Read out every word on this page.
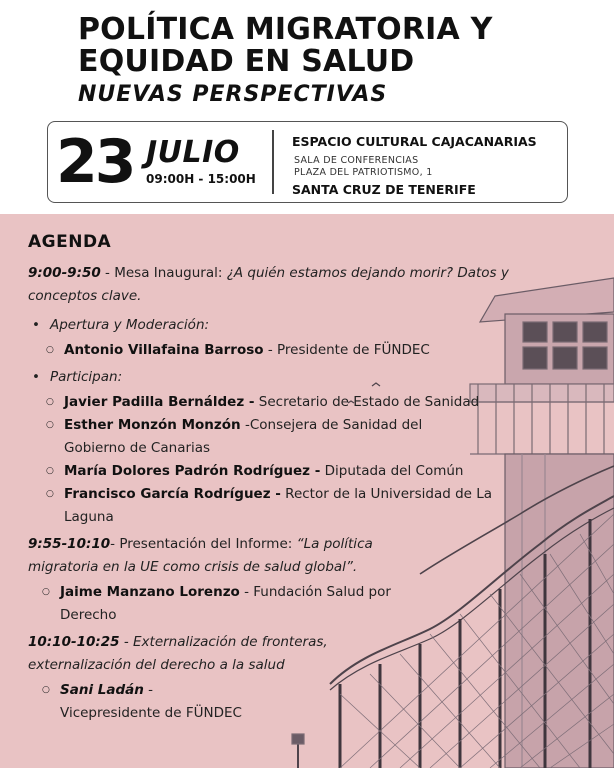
POLÍTICA MIGRATORIA Y
EQUIDAD EN SALUD
NUEVAS PERSPECTIVAS
23 JULIO
09:00H - 15:00H
ESPACIO CULTURAL CAJACANARIAS
SALA DE CONFERENCIAS
PLAZA DEL PATRIOTISMO, 1
SANTA CRUZ DE TENERIFE
AGENDA

9:00-9:50 - Mesa Inaugural: ¿A quién estamos dejando morir? Datos y conceptos clave.

• Apertura y Moderación:
○ Antonio Villafaina Barroso - Presidente de FÜNDEC
• Participan:
○ Javier Padilla Bernáldez - Secretario de Estado de Sanidad
○ Esther Monzón Monzón -Consejera de Sanidad del Gobierno de Canarias
○ María Dolores Padrón Rodríguez - Diputada del Común
○ Francisco García Rodríguez - Rector de la Universidad de La Laguna

9:55-10:10- Presentación del Informe: “La política migratoria en la UE como crisis de salud global”.

○ Jaime Manzano Lorenzo - Fundación Salud por Derecho

10:10-10:25 - Externalización de fronteras, externalización del derecho a la salud

○ Sani Ladán -
Vicepresidente de FÜNDEC
